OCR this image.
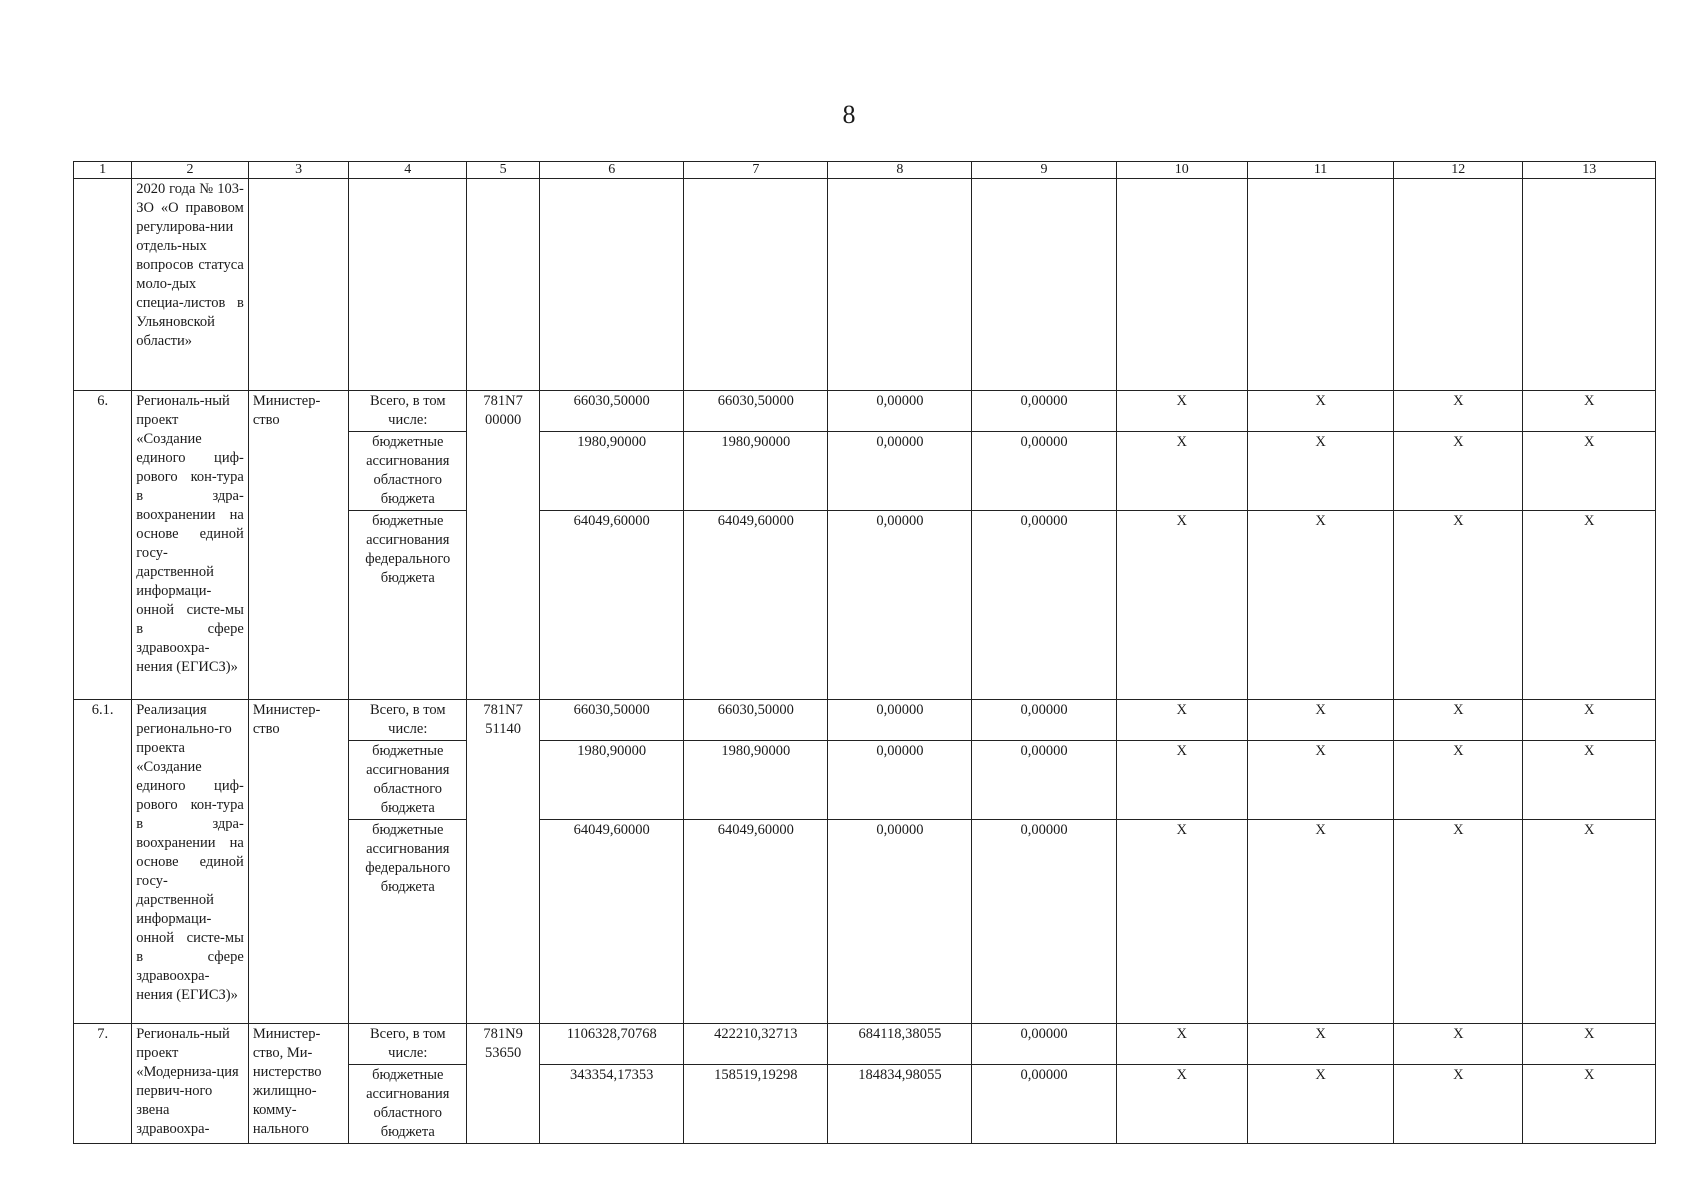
8
1	2	3	4	5	6	7	8	9	10	11	12	13
	2020 года № 103-ЗО «О правовом регулирова-нии отдель-ных вопросов статуса моло-дых специа-листов в Ульяновской области»											
6.	Региональ-ный проект «Создание единого циф-рового кон-тура в здра-воохранении на основе единой госу-дарственной информаци-онной систе-мы в сфере здравоохра-нения (ЕГИСЗ)»	Министер-ство	Всего, в том числе:	781N7 00000	66030,50000	66030,50000	0,00000	0,00000	X	X	X	X
			бюджетные ассигнования областного бюджета		1980,90000	1980,90000	0,00000	0,00000	X	X	X	X
			бюджетные ассигнования федерального бюджета		64049,60000	64049,60000	0,00000	0,00000	X	X	X	X
6.1.	Реализация регионально-го проекта «Создание единого циф-рового кон-тура в здра-воохранении на основе единой госу-дарственной информаци-онной систе-мы в сфере здравоохра-нения (ЕГИСЗ)»	Министер-ство	Всего, в том числе:	781N7 51140	66030,50000	66030,50000	0,00000	0,00000	X	X	X	X
			бюджетные ассигнования областного бюджета		1980,90000	1980,90000	0,00000	0,00000	X	X	X	X
			бюджетные ассигнования федерального бюджета		64049,60000	64049,60000	0,00000	0,00000	X	X	X	X
7.	Региональ-ный проект «Модерниза-ция первич-ного звена здравоохра-	Министер-ство, Ми-нистерство жилищно-комму-нального	Всего, в том числе:	781N9 53650	1106328,70768	422210,32713	684118,38055	0,00000	X	X	X	X
			бюджетные ассигнования областного бюджета		343354,17353	158519,19298	184834,98055	0,00000	X	X	X	X
